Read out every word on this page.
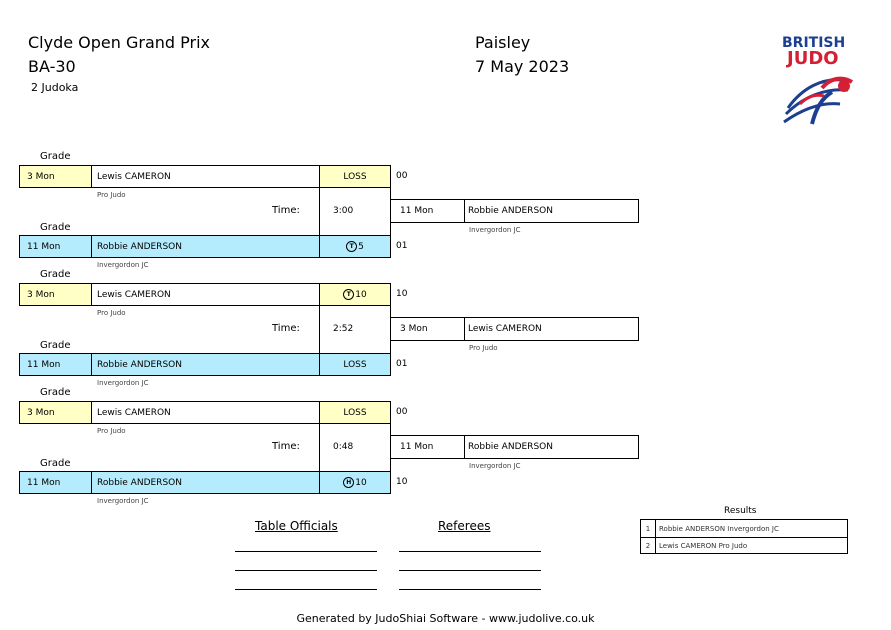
Clyde Open Grand Prix
BA-30
2 Judoka
Paisley
7 May 2023
BRITISH
JUDO
Grade
3 Mon	Lewis CAMERON	LOSS	00
Pro Judo
Time:	3:00
Grade
11 Mon	Robbie ANDERSON	T 5	01
Invergordon JC
11 Mon	Robbie ANDERSON
Invergordon JC
Grade
3 Mon	Lewis CAMERON	T 10	10
Pro Judo
Time:	2:52
Grade
11 Mon	Robbie ANDERSON	LOSS	01
Invergordon JC
3 Mon	Lewis CAMERON
Pro Judo
Grade
3 Mon	Lewis CAMERON	LOSS	00
Pro Judo
Time:	0:48
Grade
11 Mon	Robbie ANDERSON	H 10	10
Invergordon JC
11 Mon	Robbie ANDERSON
Invergordon JC
Results
1	Robbie ANDERSON Invergordon JC
2	Lewis CAMERON Pro Judo
Table Officials	Referees
Generated by JudoShiai Software - www.judolive.co.uk
